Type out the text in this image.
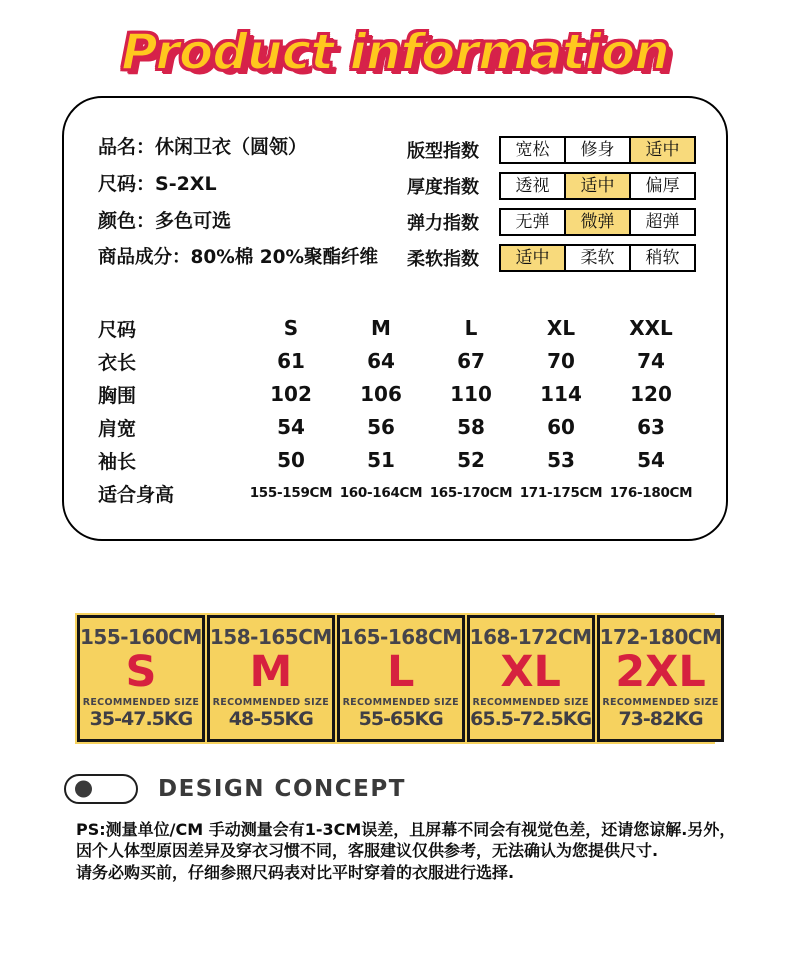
Product information
品名：休闲卫衣（圆领）
尺码：S-2XL
颜色：多色可选
商品成分：80%棉 20%聚酯纤维
版型指数	宽松	修身	适中
厚度指数	透视	适中	偏厚
弹力指数	无弹	微弹	超弹
柔软指数	适中	柔软	稍软
尺码	S	M	L	XL	XXL
衣长	61	64	67	70	74
胸围	102	106	110	114	120
肩宽	54	56	58	60	63
袖长	50	51	52	53	54
适合身高	155-159CM 160-164CM 165-170CM 171-175CM 176-180CM
155-160CM
S
RECOMMENDED SIZE
35-47.5KG
158-165CM
M
RECOMMENDED SIZE
48-55KG
165-168CM
L
RECOMMENDED SIZE
55-65KG
168-172CM
XL
RECOMMENDED SIZE
65.5-72.5KG
172-180CM
2XL
RECOMMENDED SIZE
73-82KG
DESIGN CONCEPT
PS:测量单位/CM 手动测量会有1-3CM误差，且屏幕不同会有视觉色差，还请您谅解.另外，
因个人体型原因差异及穿衣习惯不同，客服建议仅供参考，无法确认为您提供尺寸.
请务必购买前，仔细参照尺码表对比平时穿着的衣服进行选择.
